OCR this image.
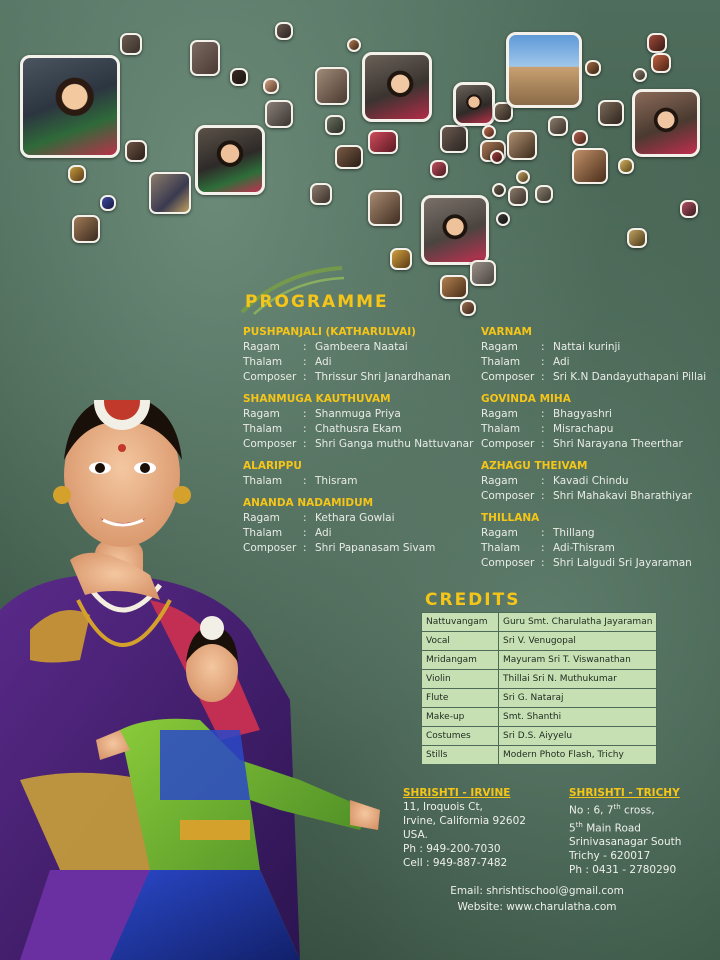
PROGRAMME
PUSHPANJALI (KATHARULVAI)
Ragam : Gambeera Naatai
Thalam : Adi
Composer : Thrissur Shri Janardhanan
SHANMUGA KAUTHUVAM
Ragam : Shanmuga Priya
Thalam : Chathusra Ekam
Composer : Shri Ganga muthu Nattuvanar
ALARIPPU
Thalam : Thisram
ANANDA NADAMIDUM
Ragam : Kethara Gowlai
Thalam : Adi
Composer : Shri Papanasam Sivam
VARNAM
Ragam : Nattai kurinji
Thalam : Adi
Composer : Sri K.N Dandayuthapani Pillai
GOVINDA MIHA
Ragam : Bhagyashri
Thalam : Misrachapu
Composer : Shri Narayana Theerthar
AZHAGU THEIVAM
Ragam : Kavadi Chindu
Composer : Shri Mahakavi Bharathiyar
THILLANA
Ragam : Thillang
Thalam : Adi-Thisram
Composer : Shri Lalgudi Sri Jayaraman
CREDITS
Nattuvangam	Guru Smt. Charulatha Jayaraman
Vocal	Sri V. Venugopal
Mridangam	Mayuram Sri T. Viswanathan
Violin	Thillai Sri N. Muthukumar
Flute	Sri G. Nataraj
Make-up	Smt. Shanthi
Costumes	Sri D.S. Aiyyelu
Stills	Modern Photo Flash, Trichy
SHRISHTI - IRVINE
11, Iroquois Ct,
Irvine, California 92602
USA.
Ph : 949-200-7030
Cell : 949-887-7482
SHRISHTI - TRICHY
No : 6, 7th cross,
5th Main Road
Srinivasanagar South
Trichy - 620017
Ph : 0431 - 2780290
Email: shrishtischool@gmail.com
Website: www.charulatha.com
